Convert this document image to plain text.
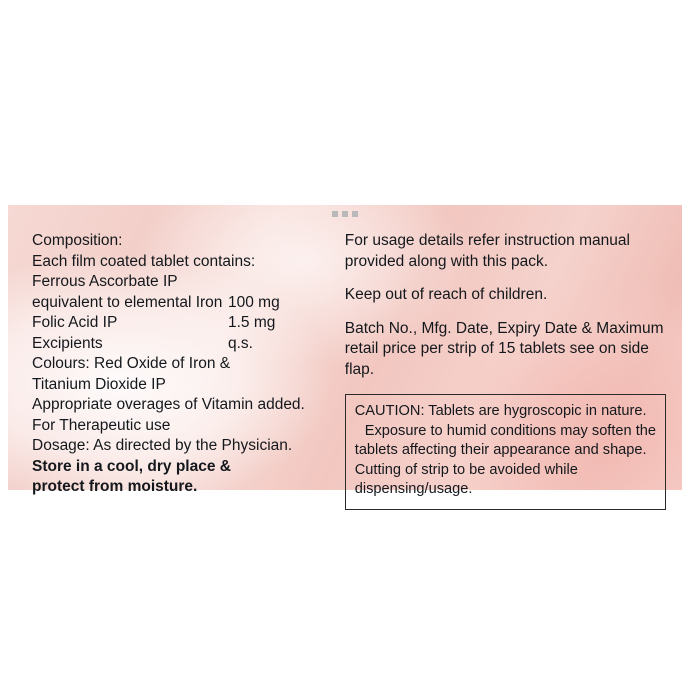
Composition:
Each film coated tablet contains:
Ferrous Ascorbate IP
equivalent to elemental Iron 100 mg
Folic Acid IP	1.5 mg
Excipients	q.s.
Colours: Red Oxide of Iron &
Titanium Dioxide IP
Appropriate overages of Vitamin added.
For Therapeutic use
Dosage: As directed by the Physician.
Store in a cool, dry place &
protect from moisture.
For usage details refer instruction manual provided along with this pack.
Keep out of reach of children.
Batch No., Mfg. Date, Expiry Date & Maximum retail price per strip of 15 tablets see on side flap.
CAUTION: Tablets are hygroscopic in nature.
Exposure to humid conditions may soften the
tablets affecting their appearance and shape.
Cutting of strip to be avoided while
dispensing/usage.
